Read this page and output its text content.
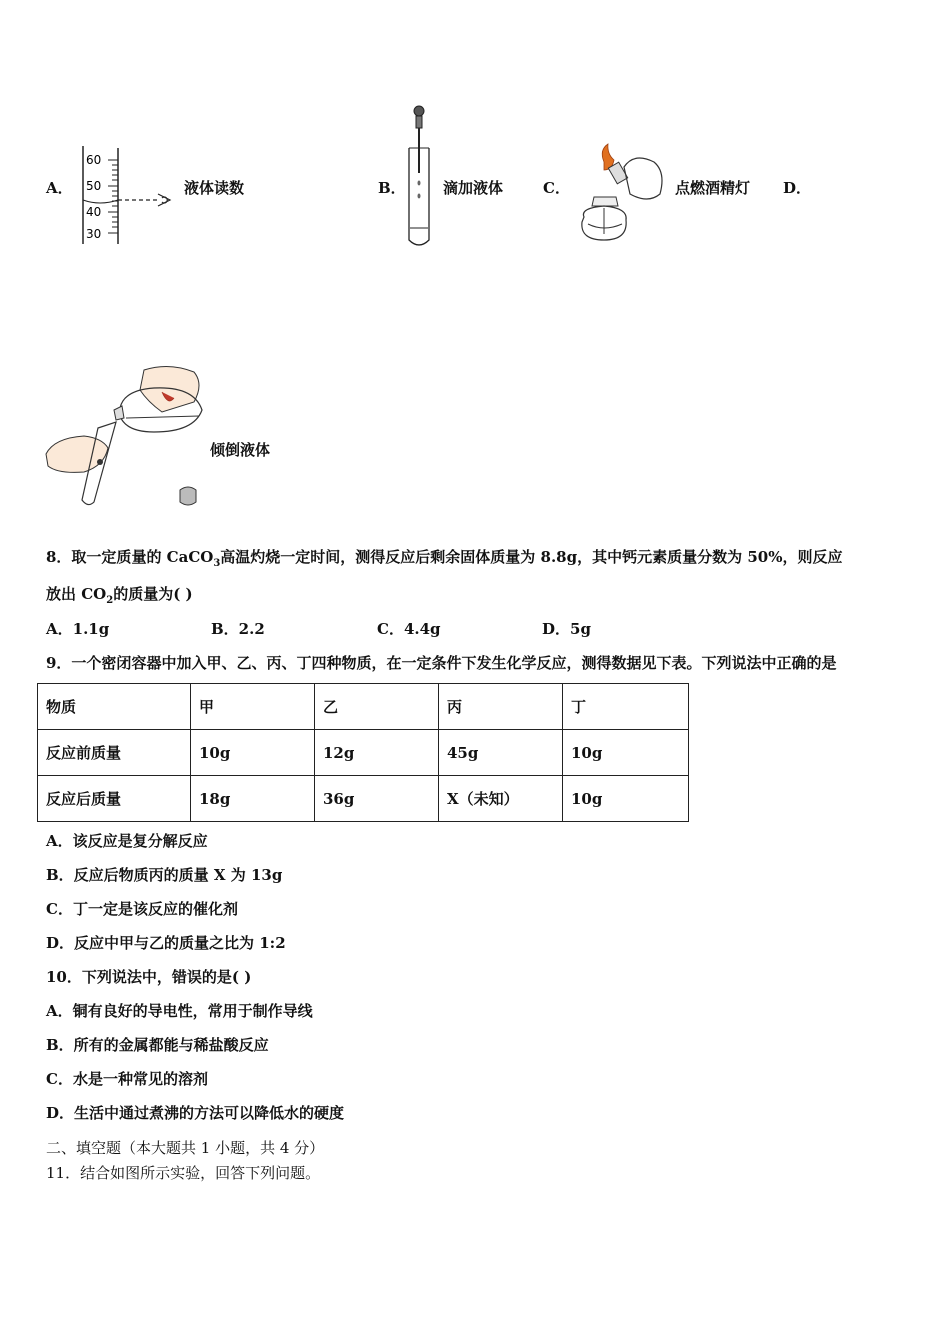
A．
60
50
40
30
液体读数	B． 滴加液体	C．	点燃酒精灯 D．
倾倒液体
8．取一定质量的 CaCO$_3$高温灼烧一定时间，测得反应后剩余固体质量为 8.8g，其中钙元素质量分数为 50%，则反应
放出 $CO_2$的质量为( )
A．1.1g	B．2.2	C．4.4g	D．5g
9．一个密闭容器中加入甲、乙、丙、丁四种物质，在一定条件下发生化学反应，测得数据见下表。下列说法中正确的是
物质	甲	乙	丙	丁
反应前质量	10g	12g	45g	10g
反应后质量	18g	36g	X（未知）	10g
A．该反应是复分解反应
B．反应后物质丙的质量 X 为 13g
C．丁一定是该反应的催化剂
D．反应中甲与乙的质量之比为 1:2
10．下列说法中，错误的是( )
A．铜有良好的导电性，常用于制作导线
B．所有的金属都能与稀盐酸反应
C．水是一种常见的溶剂
D．生活中通过煮沸的方法可以降低水的硬度
二、填空题（本大题共 1 小题，共 4 分）
11．结合如图所示实验，回答下列问题。
